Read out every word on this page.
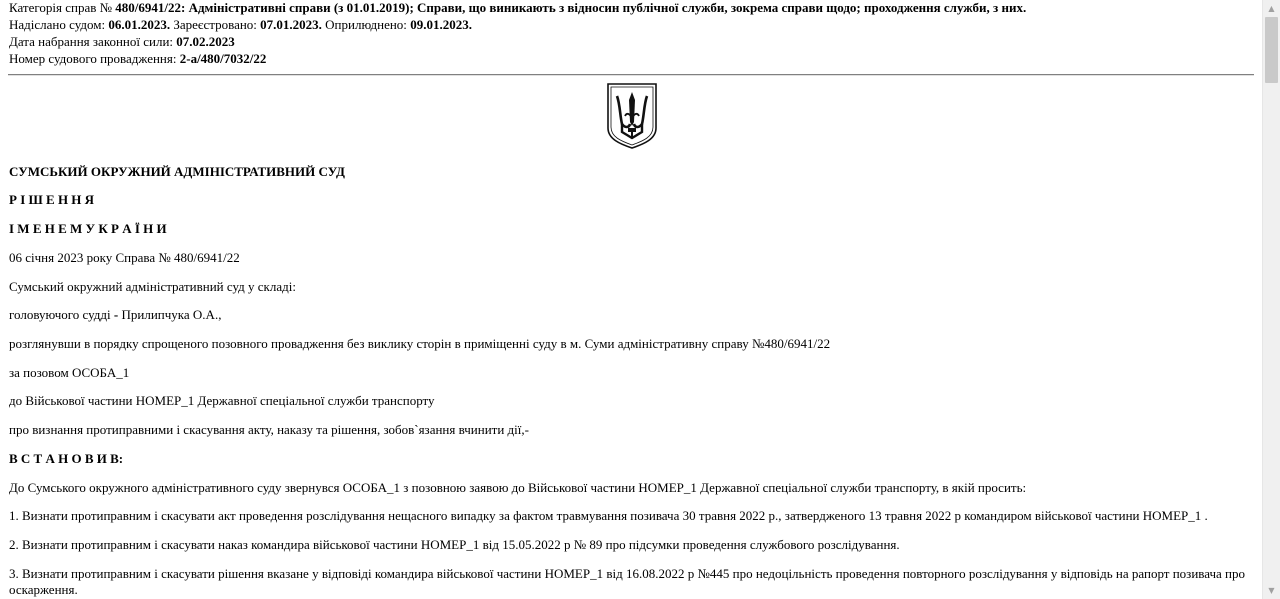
Категорія справ № 480/6941/22: Адміністративні справи (з 01.01.2019); Справи, що виникають з відносин публічної служби, зокрема справи щодо; проходження служби, з них.
Надіслано судом: 06.01.2023. Зареєстровано: 07.01.2023. Оприлюднено: 09.01.2023.
Дата набрання законної сили: 07.02.2023
Номер судового провадження: 2-а/480/7032/22
СУМСЬКИЙ ОКРУЖНИЙ АДМІНІСТРАТИВНИЙ СУД
Р І Ш Е Н Н Я
І М Е Н Е М У К Р А Ї Н И
06 січня 2023 року Справа № 480/6941/22
Сумський окружний адміністративний суд у складі:
головуючого судді - Прилипчука О.А.,
розглянувши в порядку спрощеного позовного провадження без виклику сторін в приміщенні суду в м. Суми адміністративну справу №480/6941/22
за позовом ОСОБА_1
до Військової частини НОМЕР_1 Державної спеціальної служби транспорту
про визнання протиправними і скасування акту, наказу та рішення, зобов`язання вчинити дії,-
В С Т А Н О В И В:
До Сумського окружного адміністративного суду звернувся ОСОБА_1 з позовною заявою до Військової частини НОМЕР_1 Державної спеціальної служби транспорту, в якій просить:
1. Визнати протиправним і скасувати акт проведення розслідування нещасного випадку за фактом травмування позивача 30 травня 2022 р., затвердженого 13 травня 2022 р командиром військової частини НОМЕР_1 .
2. Визнати протиправним і скасувати наказ командира військової частини НОМЕР_1 від 15.05.2022 р № 89 про підсумки проведення службового розслідування.
3. Визнати протиправним і скасувати рішення вказане у відповіді командира військової частини НОМЕР_1 від 16.08.2022 р №445 про недоцільність проведення повторного розслідування у відповідь на рапорт позивача про оскарження.
▲
▼
